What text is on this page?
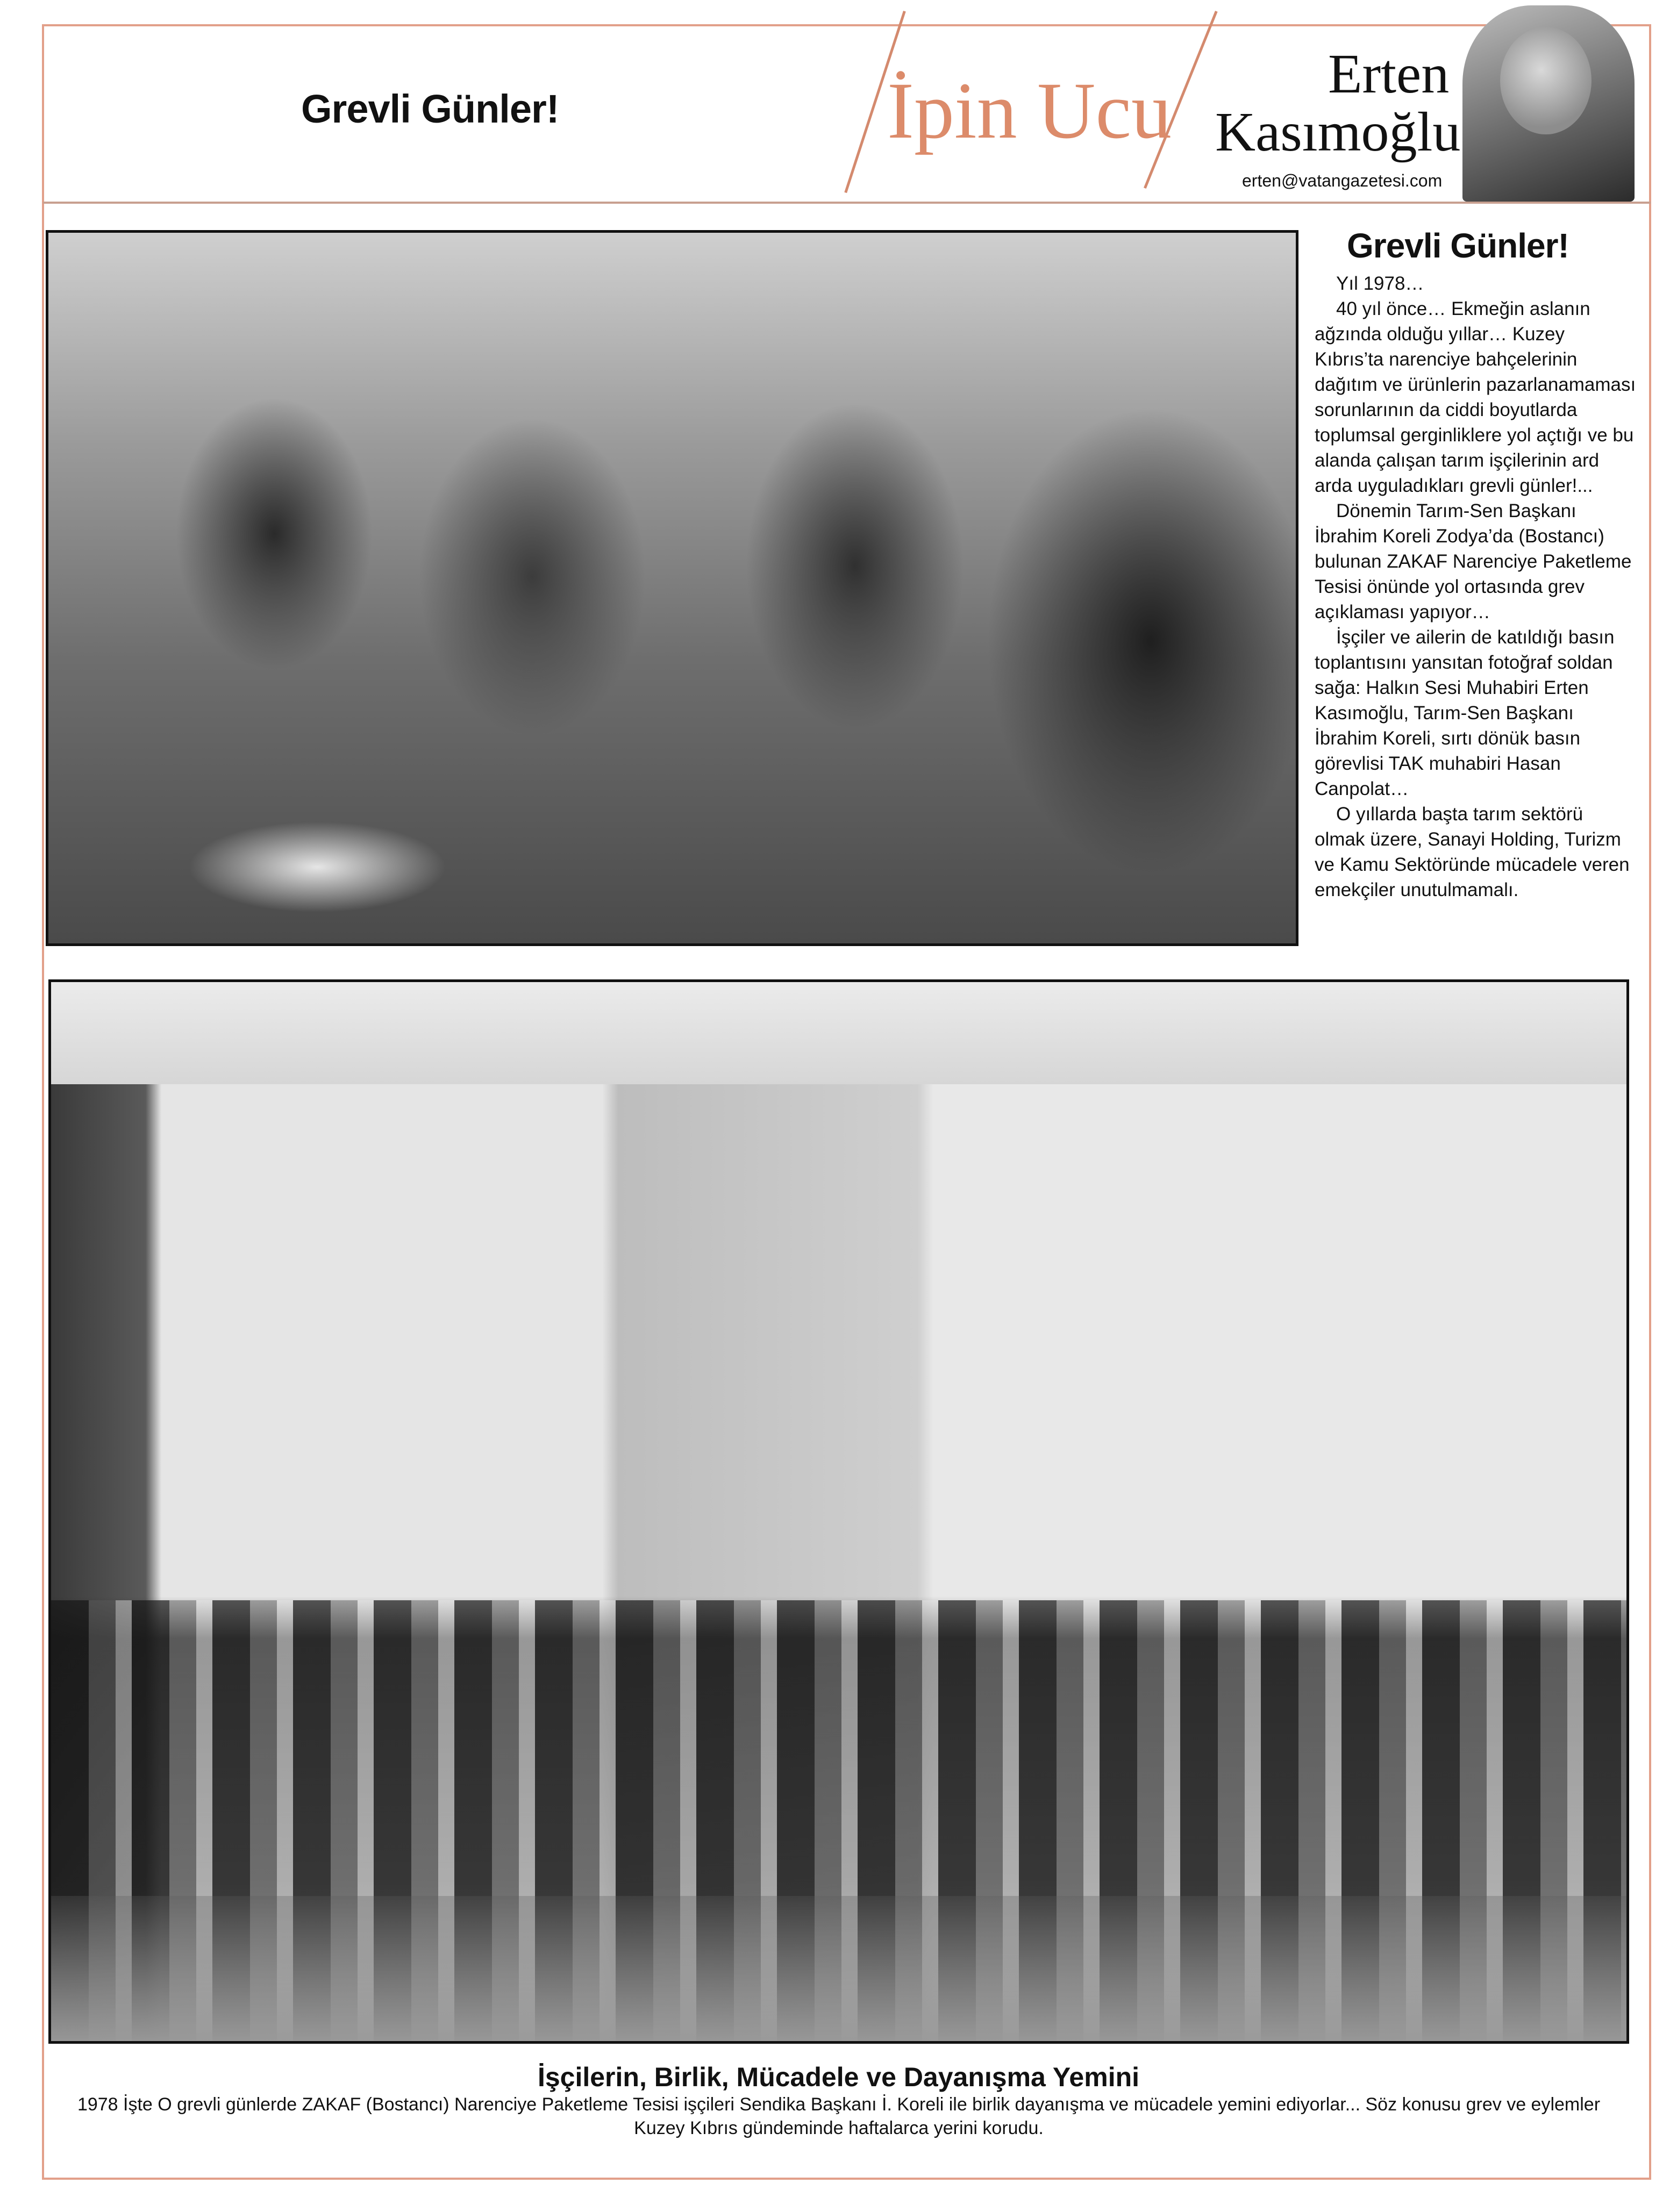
Grevli Günler!	İpin Ucu	Erten
Kasımoğlu
erten@vatangazetesi.com
Grevli Günler!

Yıl 1978…

40 yıl önce… Ekmeğin aslanın ağzında olduğu yıllar… Kuzey Kıbrıs’ta narenciye bahçelerinin dağıtım ve ürünlerin pazarlanamaması sorunlarının da ciddi boyutlarda toplumsal gerginliklere yol açtığı ve bu alanda çalışan tarım işçilerinin ard arda uyguladıkları grevli günler!...

Dönemin Tarım-Sen Başkanı İbrahim Koreli Zodya’da (Bostancı) bulunan ZAKAF Narenciye Paketleme Tesisi önünde yol ortasında grev açıklaması yapıyor…

İşçiler ve ailerin de katıldığı basın toplantısını yansıtan fotoğraf soldan sağa: Halkın Sesi Muhabiri Erten Kasımoğlu, Tarım-Sen Başkanı İbrahim Koreli, sırtı dönük basın görevlisi TAK muhabiri Hasan Canpolat…

O yıllarda başta tarım sektörü olmak üzere, Sanayi Holding, Turizm ve Kamu Sektöründe mücadele veren emekçiler unutulmamalı.

İşçilerin, Birlik, Mücadele ve Dayanışma Yemini
1978 İşte O grevli günlerde ZAKAF (Bostancı) Narenciye Paketleme Tesisi işçileri Sendika Başkanı İ. Koreli ile birlik dayanışma ve mücadele yemini ediyorlar... Söz konusu grev ve eylemler Kuzey Kıbrıs gündeminde haftalarca yerini korudu.
